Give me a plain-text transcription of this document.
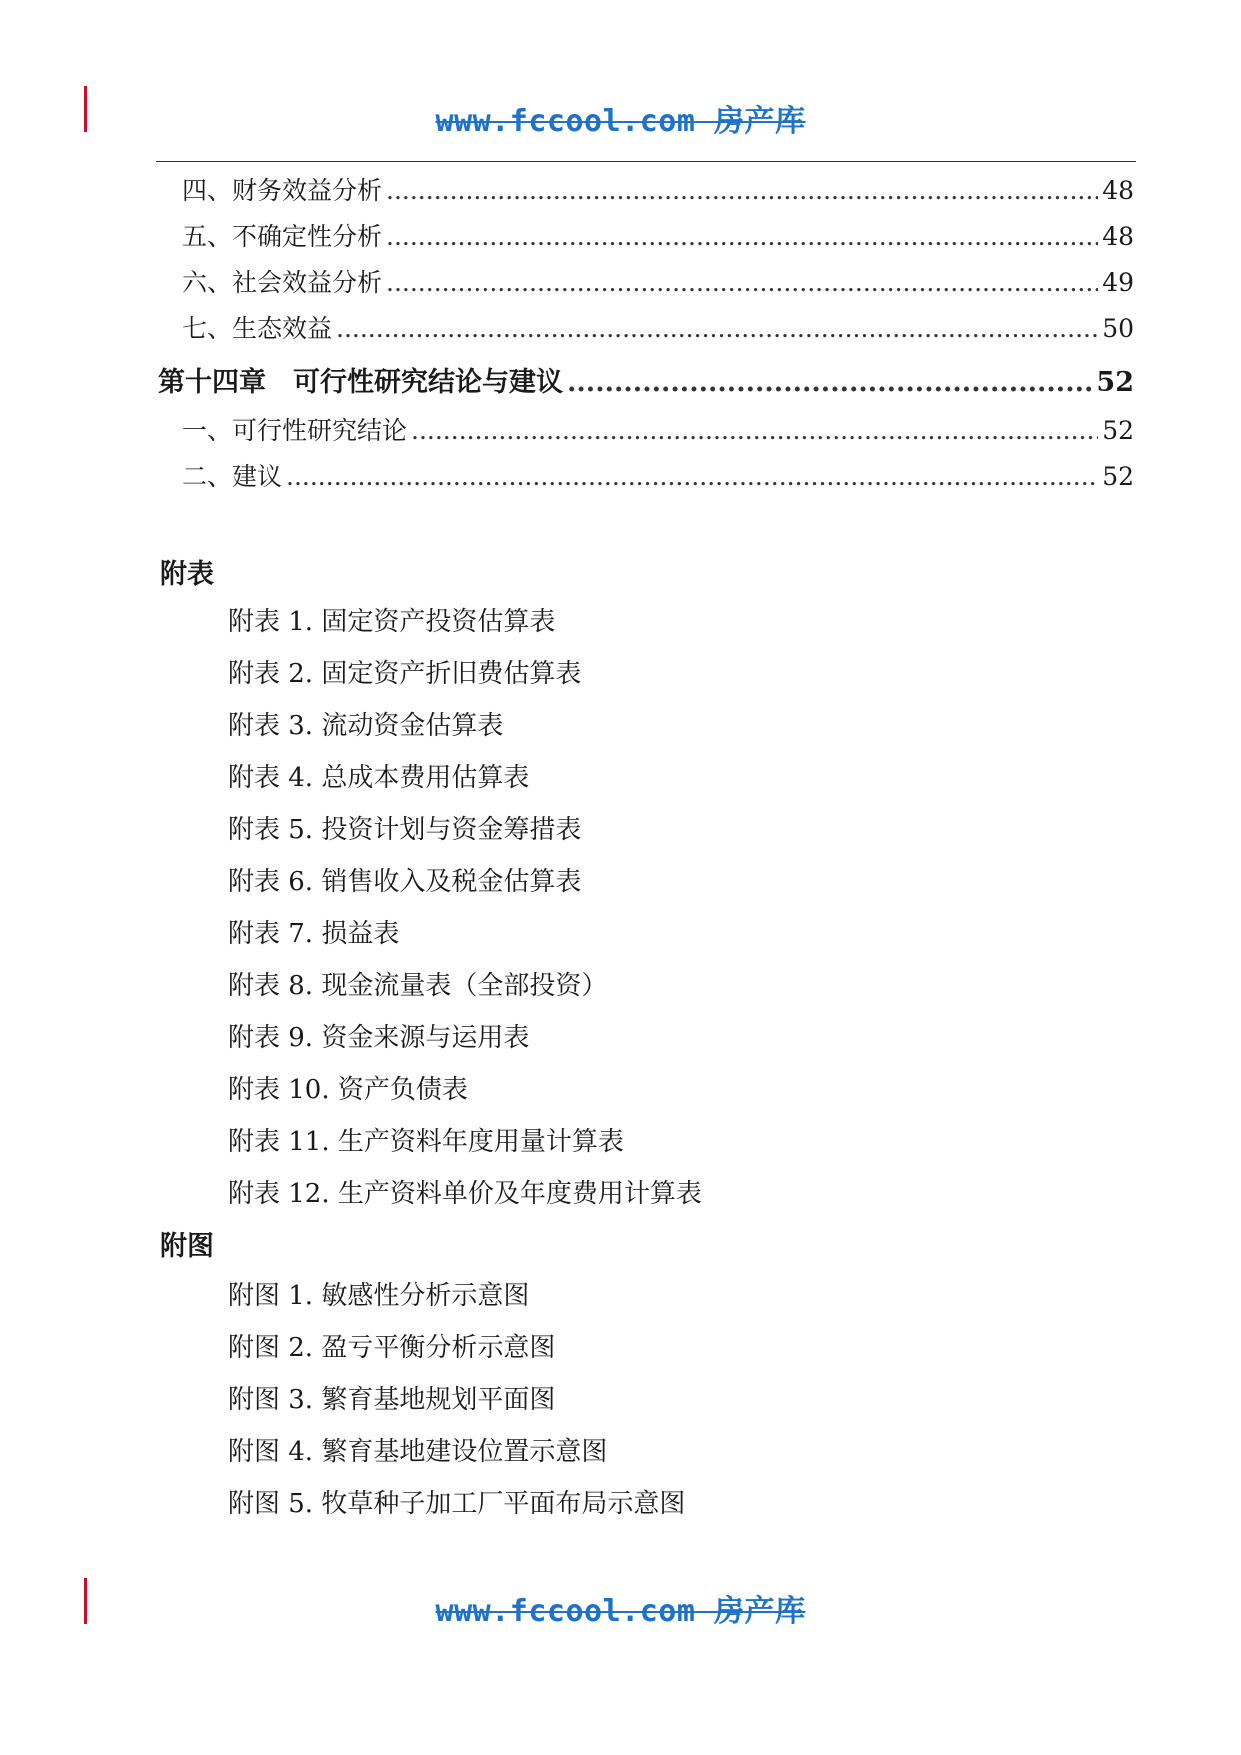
www.fccool.com 房产库
四、财务效益分析 .....	48
五、不确定性分析 .....	48
六、社会效益分析 .....	49
七、生态效益 .....	50
第十四章　可行性研究结论与建议 .....	52
一、可行性研究结论 .....	52
二、建议 .....	52
附表
附表 1. 固定资产投资估算表
附表 2. 固定资产折旧费估算表
附表 3. 流动资金估算表
附表 4. 总成本费用估算表
附表 5. 投资计划与资金筹措表
附表 6. 销售收入及税金估算表
附表 7. 损益表
附表 8. 现金流量表（全部投资）
附表 9. 资金来源与运用表
附表 10. 资产负债表
附表 11. 生产资料年度用量计算表
附表 12. 生产资料单价及年度费用计算表
附图
附图 1. 敏感性分析示意图
附图 2. 盈亏平衡分析示意图
附图 3. 繁育基地规划平面图
附图 4. 繁育基地建设位置示意图
附图 5. 牧草种子加工厂平面布局示意图
www.fccool.com 房产库
